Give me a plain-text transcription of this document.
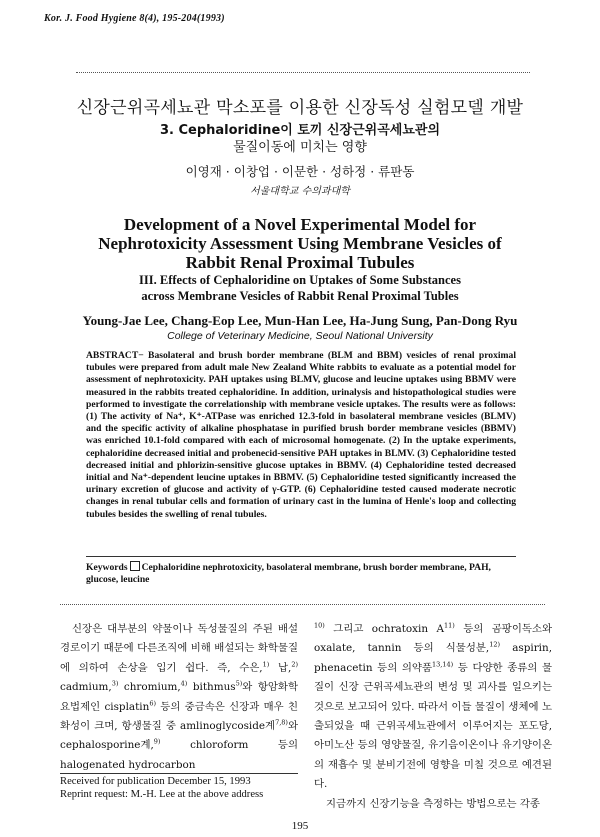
Kor. J. Food Hygiene 8(4), 195-204(1993)
신장근위곡세뇨관 막소포를 이용한 신장독성 실험모델 개발
3. Cephaloridine이 토끼 신장근위곡세뇨관의
물질이동에 미치는 영향
이영재 · 이창업 · 이문한 · 성하정 · 류판동
서울대학교 수의과대학
Development of a Novel Experimental Model for
Nephrotoxicity Assessment Using Membrane Vesicles of
Rabbit Renal Proximal Tubules
III. Effects of Cephaloridine on Uptakes of Some Substances
across Membrane Vesicles of Rabbit Renal Proximal Tubles
Young-Jae Lee, Chang-Eop Lee, Mun-Han Lee, Ha-Jung Sung, Pan-Dong Ryu
College of Veterinary Medicine, Seoul National University
ABSTRACT− Basolateral and brush border membrane (BLM and BBM) vesicles of renal proximal tubules were prepared from adult male New Zealand White rabbits to evaluate as a potential model for assessment of nephrotoxicity. PAH uptakes using BLMV, glucose and leucine uptakes using BBMV were measured in the rabbits treated cephaloridine. In addition, urinalysis and histopathological studies were performed to investigate the correlationship with membrane vesicle uptakes. The results were as follows: (1) The activity of Na⁺, K⁺-ATPase was enriched 12.3-fold in basolateral membrane vesicles (BLMV) and the specific activity of alkaline phosphatase in purified brush border membrane vesicles (BBMV) was enriched 10.1-fold compared with each of microsomal homogenate. (2) In the uptake experiments, cephaloridine decreased initial and probenecid-sensitive PAH uptakes in BLMV. (3) Cephaloridine tested decreased initial and phlorizin-sensitive glucose uptakes in BBMV. (4) Cephaloridine tested decreased initial and Na⁺-dependent leucine uptakes in BBMV. (5) Cephaloridine tested significantly increased the urinary excretion of glucose and activity of γ-GTP. (6) Cephaloridine tested caused moderate necrotic changes in renal tubular cells and formation of urinary cast in the lumina of Henle's loop and collecting tubules besides the swelling of renal tubules.
Keywords Cephaloridine nephrotoxicity, basolateral membrane, brush border membrane, PAH, glucose, leucine

신장은 대부분의 약물이나 독성물질의 주된 배설경로이기 때문에 다른조직에 비해 배설되는 화학물질에 의하여 손상을 입기 쉽다. 즉, 수은,$^{1)}$ 납,$^{2)}$ cadmium,$^{3)}$ chromium,$^{4)}$ bithmus$^{5)}$와 항암화학요법제인 cisplatin$^{6)}$ 등의 중금속은 신장과 매우 친화성이 크며, 항생물질 중 amlinoglycoside계$^{7,8)}$와 cephalosporine계,$^{9)}$ chloroform 등의 halogenated hydrocarbon

$^{10)}$ 그리고 ochratoxin $A^{11)}$ 등의 곰팡이독소와 oxalate, tannin 등의 식물성분,$^{12)}$ aspirin, phenacetin 등의 의약품$^{13,14)}$ 등 다양한 종류의 물질이 신장 근위곡세뇨관의 변성 및 괴사를 일으키는 것으로 보고되어 있다. 따라서 이들 물질이 생체에 노출되었을 때 근위곡세뇨관에서 이루어지는 포도당, 아미노산 등의 영양물질, 유기음이온이나 유기양이온의 재흡수 및 분비기전에 영향을 미칠 것으로 예견된다.

지금까지 신장기능을 측정하는 방법으로는 각종

Received for publication December 15, 1993
Reprint request: M.-H. Lee at the above address
195
